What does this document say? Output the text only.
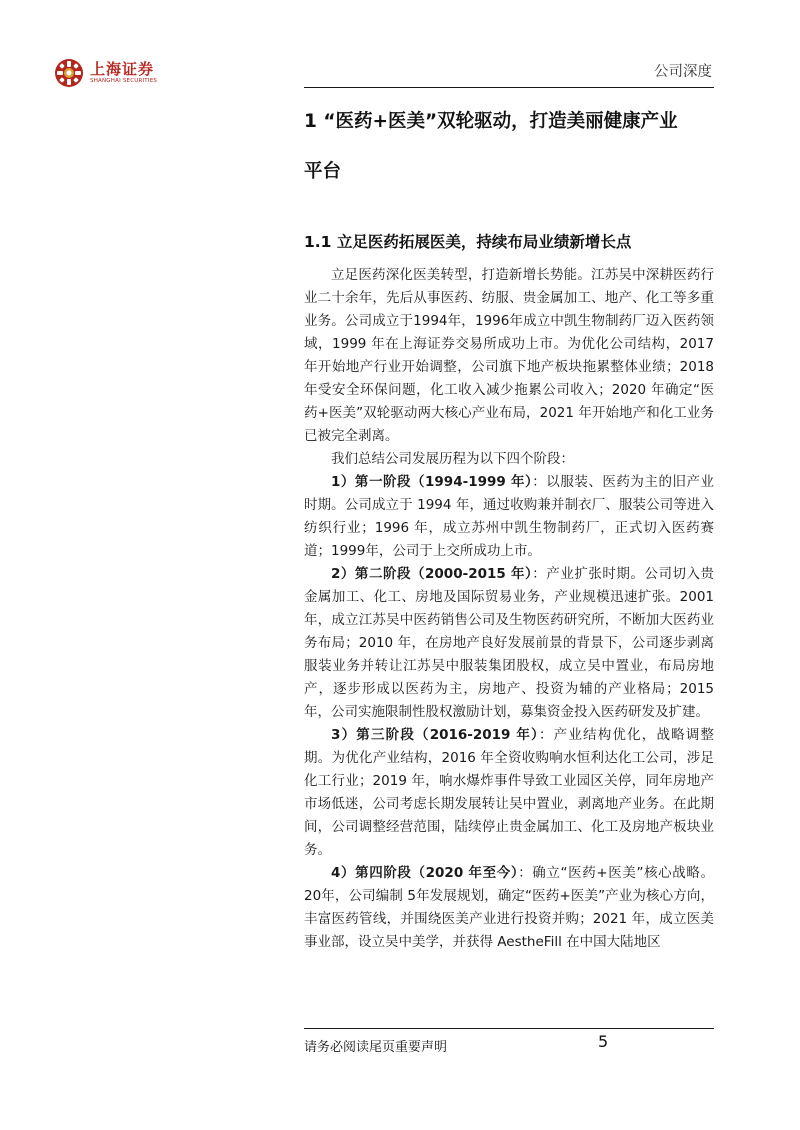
上海证券
SHANGHAI SECURITIES
公司深度
1 “医药+医美”双轮驱动，打造美丽健康产业
平台
1.1 立足医药拓展医美，持续布局业绩新增长点

立足医药深化医美转型，打造新增长势能。江苏吴中深耕医药行业二十余年，先后从事医药、纺服、贵金属加工、地产、化工等多重业务。公司成立于1994年，1996年成立中凯生物制药厂迈入医药领域，1999 年在上海证券交易所成功上市。为优化公司结构，2017 年开始地产行业开始调整，公司旗下地产板块拖累整体业绩；2018 年受安全环保问题，化工收入减少拖累公司收入；2020 年确定“医药+医美”双轮驱动两大核心产业布局，2021 年开始地产和化工业务已被完全剥离。

我们总结公司发展历程为以下四个阶段：

1）第一阶段（1994-1999 年）：以服装、医药为主的旧产业时期。公司成立于 1994 年，通过收购兼并制衣厂、服装公司等进入纺织行业；1996 年，成立苏州中凯生物制药厂，正式切入医药赛道；1999年，公司于上交所成功上市。

2）第二阶段（2000-2015 年）：产业扩张时期。公司切入贵金属加工、化工、房地及国际贸易业务，产业规模迅速扩张。2001 年，成立江苏吴中医药销售公司及生物医药研究所，不断加大医药业务布局；2010 年，在房地产良好发展前景的背景下，公司逐步剥离服装业务并转让江苏吴中服装集团股权，成立吴中置业，布局房地产，逐步形成以医药为主，房地产、投资为辅的产业格局；2015 年，公司实施限制性股权激励计划，募集资金投入医药研发及扩建。

3）第三阶段（2016-2019 年）：产业结构优化，战略调整期。为优化产业结构，2016 年全资收购响水恒利达化工公司，涉足化工行业；2019 年，响水爆炸事件导致工业园区关停，同年房地产市场低迷，公司考虑长期发展转让吴中置业，剥离地产业务。在此期间，公司调整经营范围，陆续停止贵金属加工、化工及房地产板块业务。

4）第四阶段（2020 年至今）：确立“医药+医美”核心战略。20年，公司编制 5年发展规划，确定“医药+医美”产业为核心方向，丰富医药管线，并围绕医美产业进行投资并购；2021 年，成立医美事业部，设立吴中美学，并获得 AestheFill 在中国大陆地区

请务必阅读尾页重要声明	5
